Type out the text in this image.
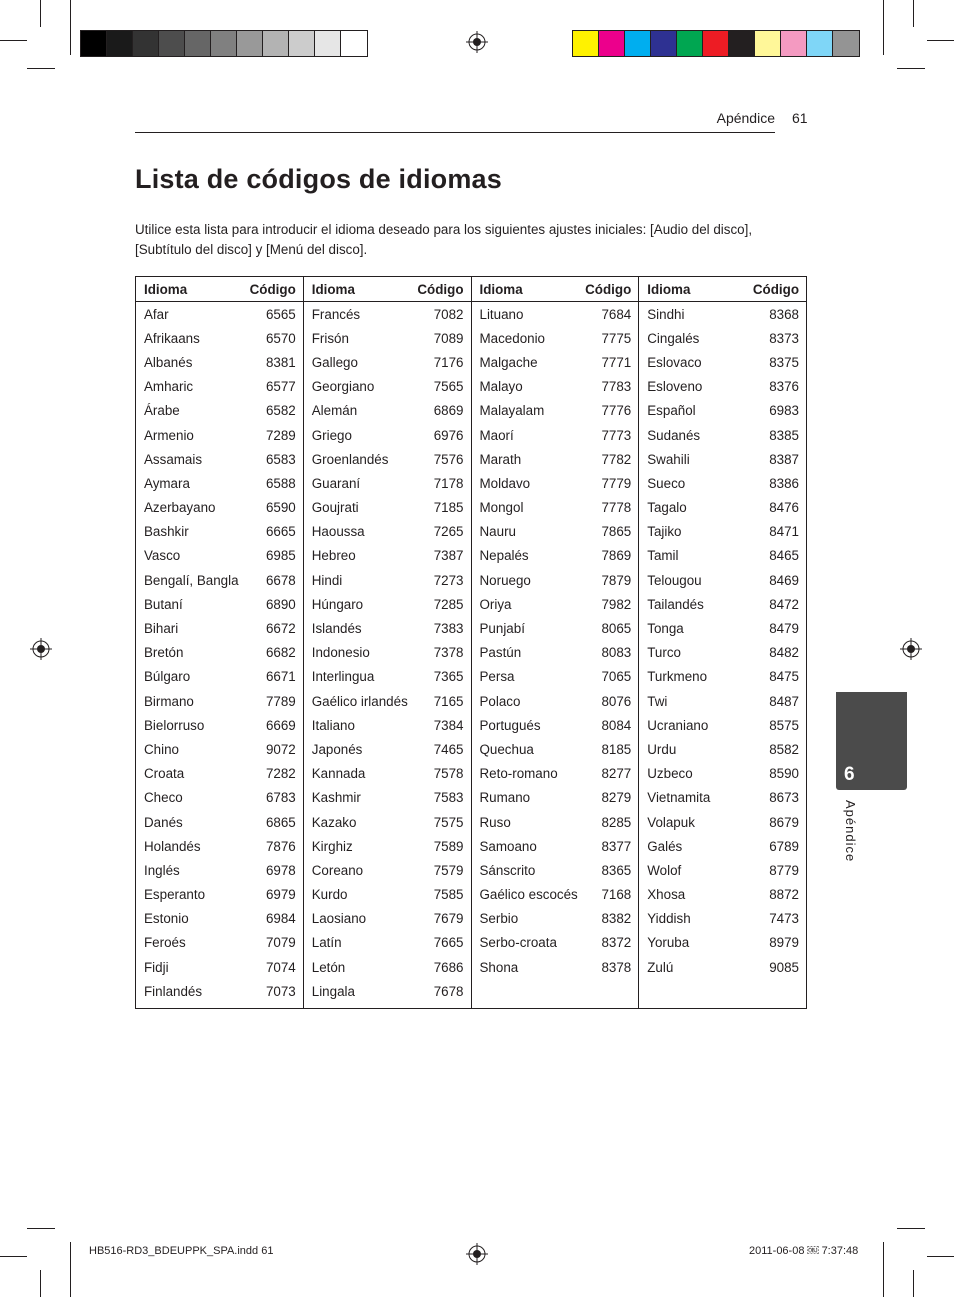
Apéndice 61
Lista de códigos de idiomas

Utilice esta lista para introducir el idioma deseado para los siguientes ajustes iniciales: [Audio del disco], [Subtítulo del disco] y [Menú del disco].

Idioma	Código
Afar	6565
Afrikaans	6570
Albanés	8381
Amharic	6577
Árabe	6582
Armenio	7289
Assamais	6583
Aymara	6588
Azerbayano	6590
Bashkir	6665
Vasco	6985
Bengalí, Bangla 6678
Butaní	6890
Bihari	6672
Bretón	6682
Búlgaro	6671
Birmano	7789
Bielorruso	6669
Chino	9072
Croata	7282
Checo	6783
Danés	6865
Holandés	7876
Inglés	6978
Esperanto	6979
Estonio	6984
Feroés	7079
Fidji	7074
Finlandés	7073
Idioma	Código
Francés	7082
Frisón	7089
Gallego	7176
Georgiano	7565
Alemán	6869
Griego	6976
Groenlandés	7576
Guaraní	7178
Goujrati	7185
Haoussa	7265
Hebreo	7387
Hindi	7273
Húngaro	7285
Islandés	7383
Indonesio	7378
Interlingua	7365
Gaélico irlandés 7165
Italiano	7384
Japonés	7465
Kannada	7578
Kashmir	7583
Kazako	7575
Kirghiz	7589
Coreano	7579
Kurdo	7585
Laosiano	7679
Latín	7665
Letón	7686
Lingala	7678
Idioma	Código
Lituano	7684
Macedonio	7775
Malgache	7771
Malayo	7783
Malayalam	7776
Maorí	7773
Marath	7782
Moldavo	7779
Mongol	7778
Nauru	7865
Nepalés	7869
Noruego	7879
Oriya	7982
Punjabí	8065
Pastún	8083
Persa	7065
Polaco	8076
Portugués	8084
Quechua	8185
Reto-romano	8277
Rumano	8279
Ruso	8285
Samoano	8377
Sánscrito	8365
Gaélico escocés 7168
Serbio	8382
Serbo-croata	8372
Shona	8378
Idioma	Código
Sindhi	8368
Cingalés	8373
Eslovaco	8375
Esloveno	8376
Español	6983
Sudanés	8385
Swahili	8387
Sueco	8386
Tagalo	8476
Tajiko	8471
Tamil	8465
Telougou	8469
Tailandés	8472
Tonga	8479
Turco	8482
Turkmeno	8475
Twi	8487
Ucraniano	8575
Urdu	8582
Uzbeco	8590
Vietnamita	8673
Volapuk	8679
Galés	6789
Wolof	8779
Xhosa	8872
Yiddish	7473
Yoruba	8979
Zulú	9085
6
Apéndice
HB516-RD3_BDEUPPK_SPA.indd 61	2011-06-08 ￼ 7:37:48
